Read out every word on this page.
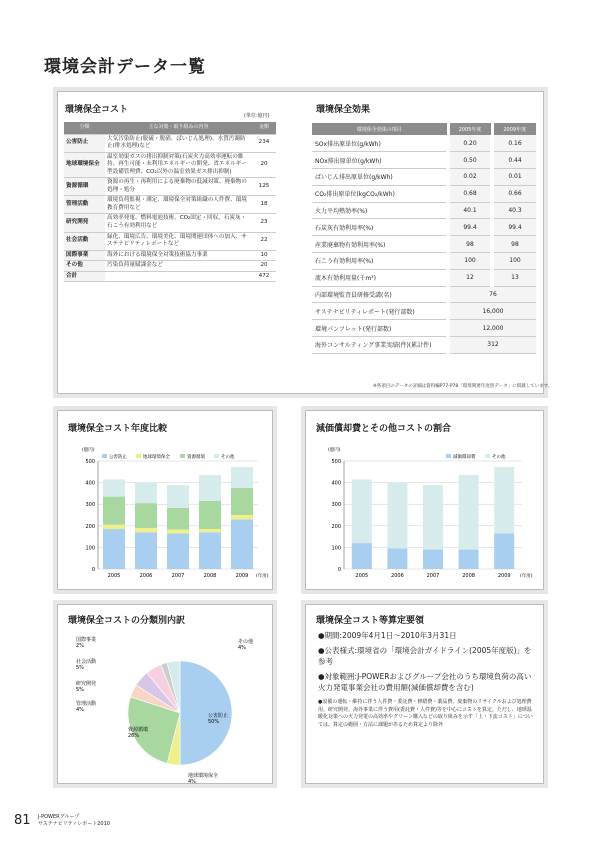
環境会計データ一覧
環境保全コスト
(単位:億円)
分類	主な対策・取り組みの内容	金額
公害防止	大気汚染防止(脱硫・脱硝、ばいじん処理)、水質汚濁防止(排水処理)など	234
地球環境保全	温室効果ガスの排出抑制対策(石炭火力高効率運転の維持、再生可能・未利用エネルギーの開発、省エネルギー型設備管理費、CO₂以外の温室効果ガス排出抑制)	20
資源循環	資源の再生・再利用による廃棄物の低減対策、廃棄物の処理・処分	125
管理活動	環境負荷監視・測定、環境保全対策組織の人件費、環境教育費用など	18
研究開発	高効率発電、燃料電池技術、CO₂固定・回収、石炭灰・石こう有効利用など	23
社会活動	緑化、環境広告、環境美化、環境関連団体への加入、サステナビリティレポートなど	22
国際事業	海外における環境保全対策技術協力事業	10
その他	汚染負荷量賦課金など	20
合計		472
環境保全効果
環境保全効果の項目	2005年度	2009年度
SOx排出原単位(g/kWh)	0.20	0.16
NOx排出原単位(g/kWh)	0.50	0.44
ばいじん排出原単位(g/kWh)	0.02	0.01
CO₂排出原単位(kgCO₂/kWh)	0.68	0.66
火力平均熱効率(%)	40.1	40.3
石炭灰有効利用率(%)	99.4	99.4
産業廃棄物有効利用率(%)	98	98
石こう有効利用率(%)	100	100
流木有効利用量(千m³)	12	13
内部環境監査員研修受講(名)	76	
サステナビリティレポート(発行部数)	16,000	
環境パンフレット(発行部数)	12,000	
海外コンサルティング事業実績(件)(累計件)	312	
※各項目のデータの詳細は資料編P77-P78「環境関連年度別データ」に掲載しています。
環境保全コスト年度比較
(億円)
0
100
200
300
400
500
2005	2006	2007	2008	2009 (年度)
公害防止	地球環境保全	資源循環	その他
減価償却費とその他コストの割合
(億円)
0
100
200
300
400
500
2005	2006	2007	2008	2009 (年度)
減価償却費	その他
環境保全コストの分類別内訳
公害防止
50%
地球環境保全
4%
資源循環
26%
管理活動
4%
研究開発
5%
社会活動
5%
国際事業
2%
その他
4%
環境保全コスト等算定要領
●期間:2009年4月1日〜2010年3月31日
●公表様式:環境省の「環境会計ガイドライン(2005年度版)」を参考
●対象範囲:J-POWERおよびグループ会社のうち環境負荷の高い火力発電事業会社の費用額(減価償却費を含む)
●設備の運転・維持に伴う人件費・委託費・修繕費・薬品費、廃棄物のリサイクルおよび処理費用、研究開発、海外事業に伴う費用(委託費・人件費)等を中心にコストを算定。ただし、地球温暖化対策への火力発電の高効率やグリーン購入などの取り組みを示す「上・下流コスト」については、算定の範囲・方法に課題があるため算定より除外
81 J-POWERグループ
サステナビリティレポート2010
